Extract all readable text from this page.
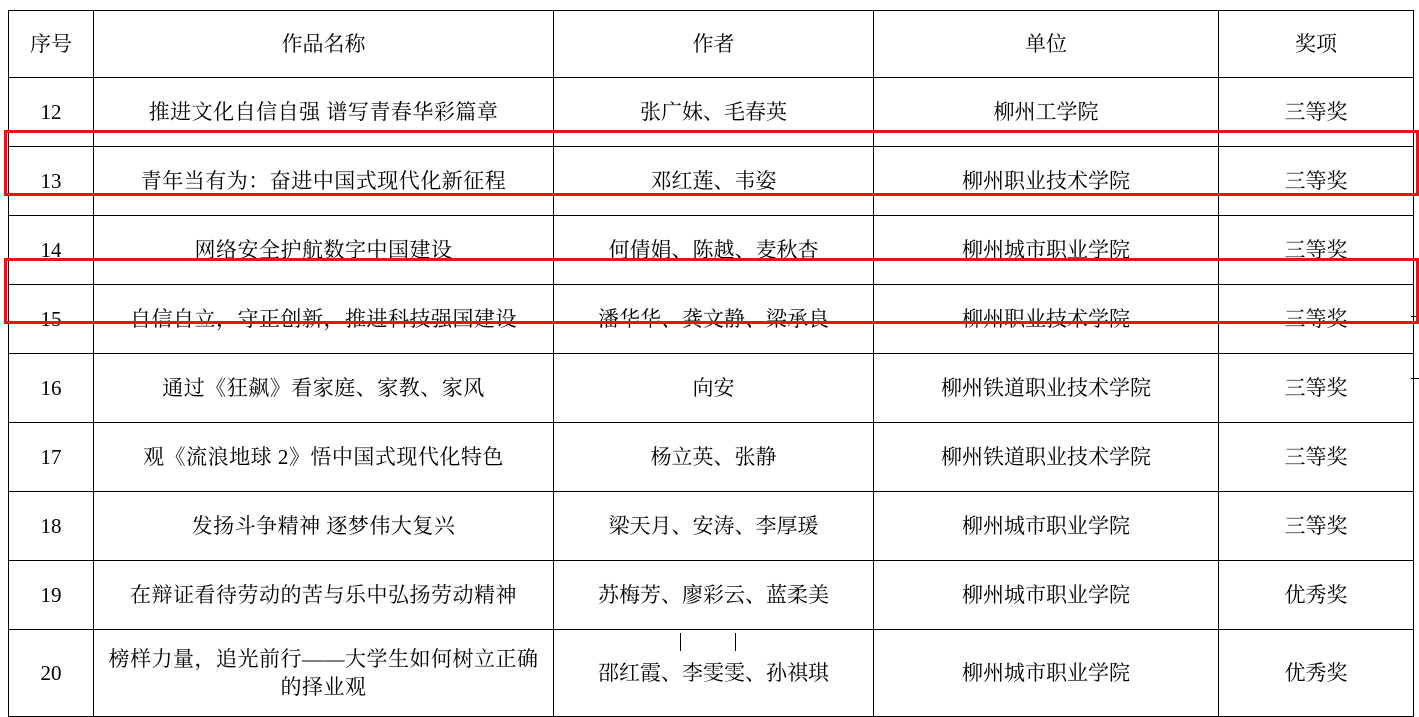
序号	作品名称	作者	单位	奖项
12	推进文化自信自强 谱写青春华彩篇章	张广妹、毛春英	柳州工学院	三等奖
13	青年当有为：奋进中国式现代化新征程	邓红莲、韦姿	柳州职业技术学院	三等奖
14	网络安全护航数字中国建设	何倩娟、陈越、麦秋杏	柳州城市职业学院	三等奖
15	自信自立，守正创新，推进科技强国建设	潘华华、龚文静、梁承良	柳州职业技术学院	三等奖
16	通过《狂飙》看家庭、家教、家风	向安	柳州铁道职业技术学院	三等奖
17	观《流浪地球 2》悟中国式现代化特色	杨立英、张静	柳州铁道职业技术学院	三等奖
18	发扬斗争精神 逐梦伟大复兴	梁天月、安涛、李厚瑗	柳州城市职业学院	三等奖
19	在辩证看待劳动的苦与乐中弘扬劳动精神	苏梅芳、廖彩云、蓝柔美	柳州城市职业学院	优秀奖
20	榜样力量，追光前行——大学生如何树立正确的择业观	邵红霞、李雯雯、孙祺琪	柳州城市职业学院	优秀奖
